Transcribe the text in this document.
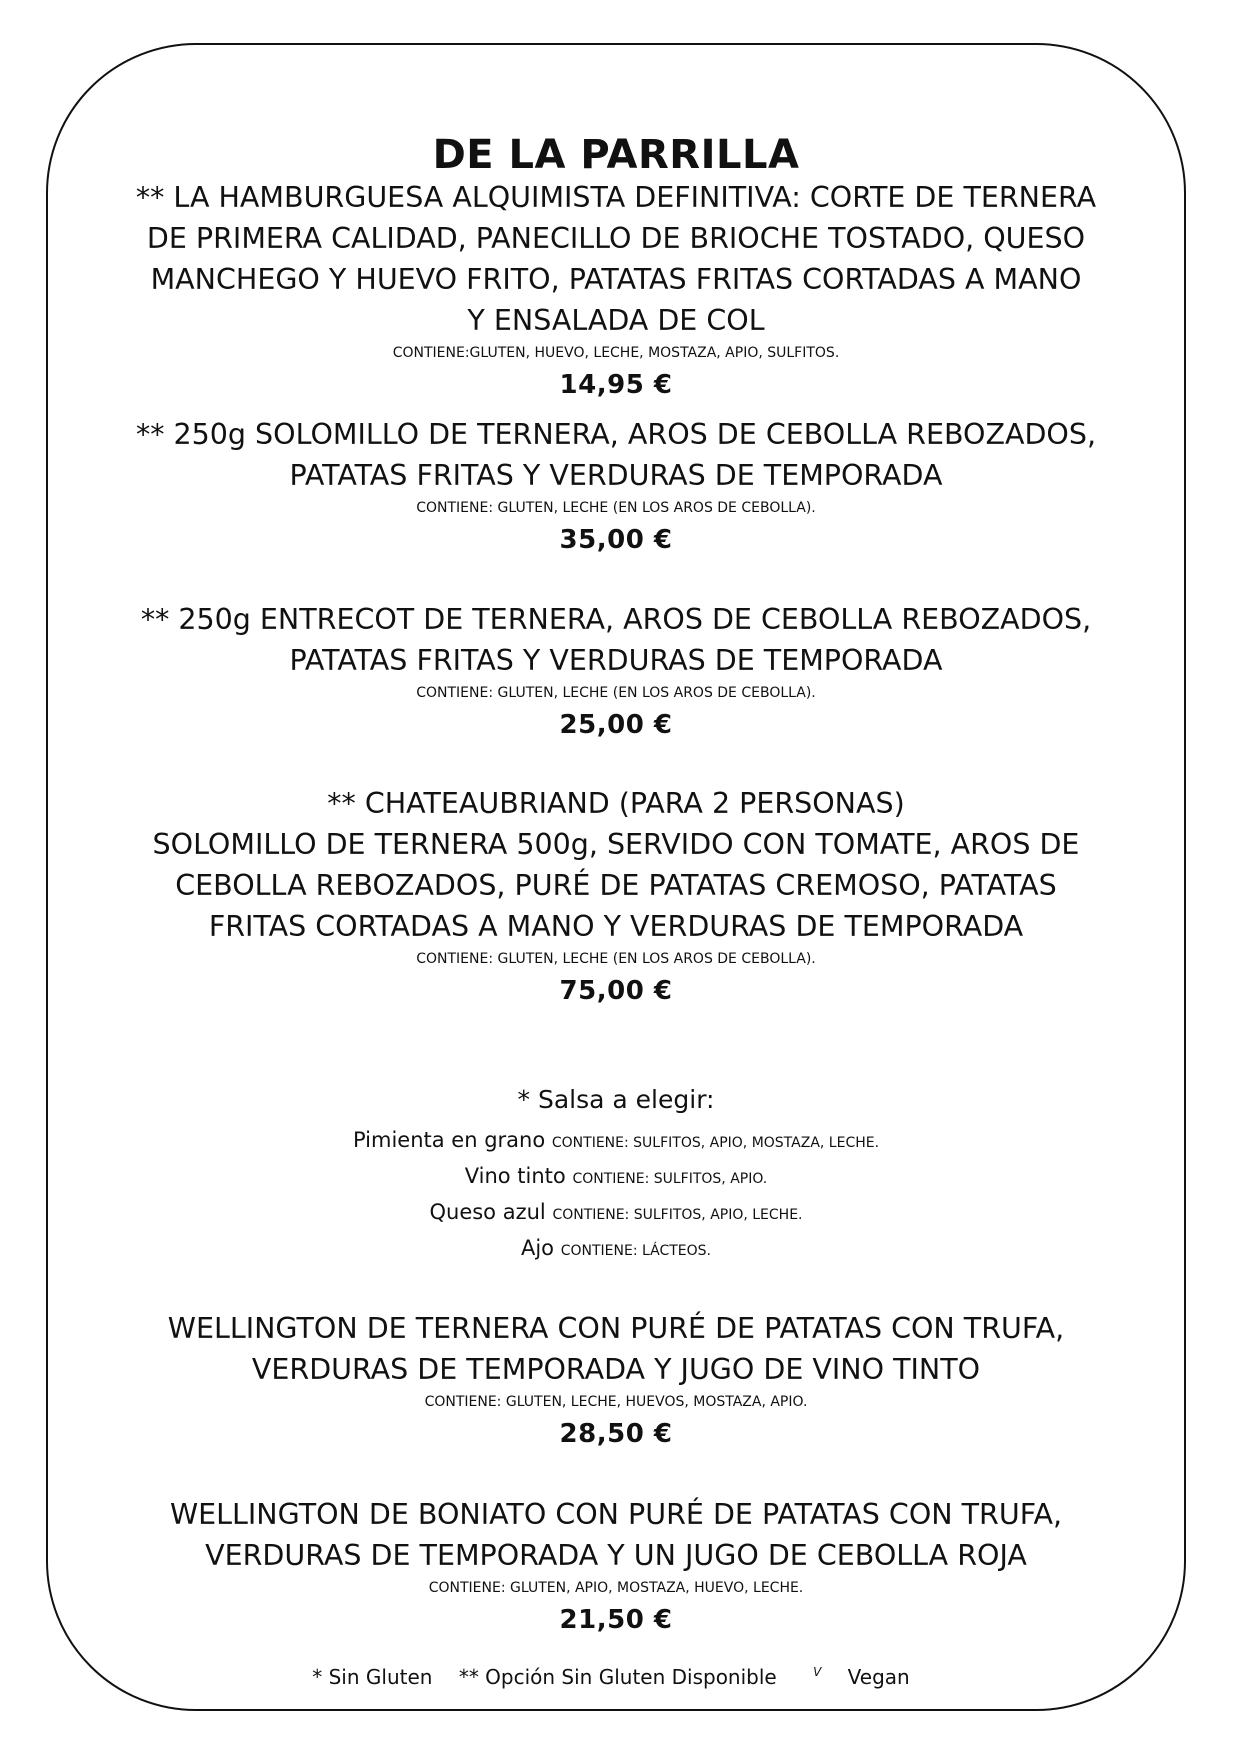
DE LA PARRILLA

** LA HAMBURGUESA ALQUIMISTA DEFINITIVA: CORTE DE TERNERA
DE PRIMERA CALIDAD, PANECILLO DE BRIOCHE TOSTADO, QUESO
MANCHEGO Y HUEVO FRITO, PATATAS FRITAS CORTADAS A MANO
Y ENSALADA DE COL

CONTIENE:GLUTEN, HUEVO, LECHE, MOSTAZA, APIO, SULFITOS.

14,95 €

** 250g SOLOMILLO DE TERNERA, AROS DE CEBOLLA REBOZADOS,
PATATAS FRITAS Y VERDURAS DE TEMPORADA

CONTIENE: GLUTEN, LECHE (EN LOS AROS DE CEBOLLA).

35,00 €

** 250g ENTRECOT DE TERNERA, AROS DE CEBOLLA REBOZADOS,
PATATAS FRITAS Y VERDURAS DE TEMPORADA

CONTIENE: GLUTEN, LECHE (EN LOS AROS DE CEBOLLA).

25,00 €

** CHATEAUBRIAND (PARA 2 PERSONAS)
SOLOMILLO DE TERNERA 500g, SERVIDO CON TOMATE, AROS DE
CEBOLLA REBOZADOS, PURÉ DE PATATAS CREMOSO, PATATAS
FRITAS CORTADAS A MANO Y VERDURAS DE TEMPORADA

CONTIENE: GLUTEN, LECHE (EN LOS AROS DE CEBOLLA).

75,00 €

* Salsa a elegir:

Pimienta en grano CONTIENE: SULFITOS, APIO, MOSTAZA, LECHE.

Vino tinto CONTIENE: SULFITOS, APIO.

Queso azul CONTIENE: SULFITOS, APIO, LECHE.

Ajo CONTIENE: LÁCTEOS.

WELLINGTON DE TERNERA CON PURÉ DE PATATAS CON TRUFA,
VERDURAS DE TEMPORADA Y JUGO DE VINO TINTO

CONTIENE: GLUTEN, LECHE, HUEVOS, MOSTAZA, APIO.

28,50 €

WELLINGTON DE BONIATO CON PURÉ DE PATATAS CON TRUFA,
VERDURAS DE TEMPORADA Y UN JUGO DE CEBOLLA ROJA

CONTIENE: GLUTEN, APIO, MOSTAZA, HUEVO, LECHE.

21,50 €

* Sin Gluten ** Opción Sin Gluten Disponible	$^V$ Vegan
